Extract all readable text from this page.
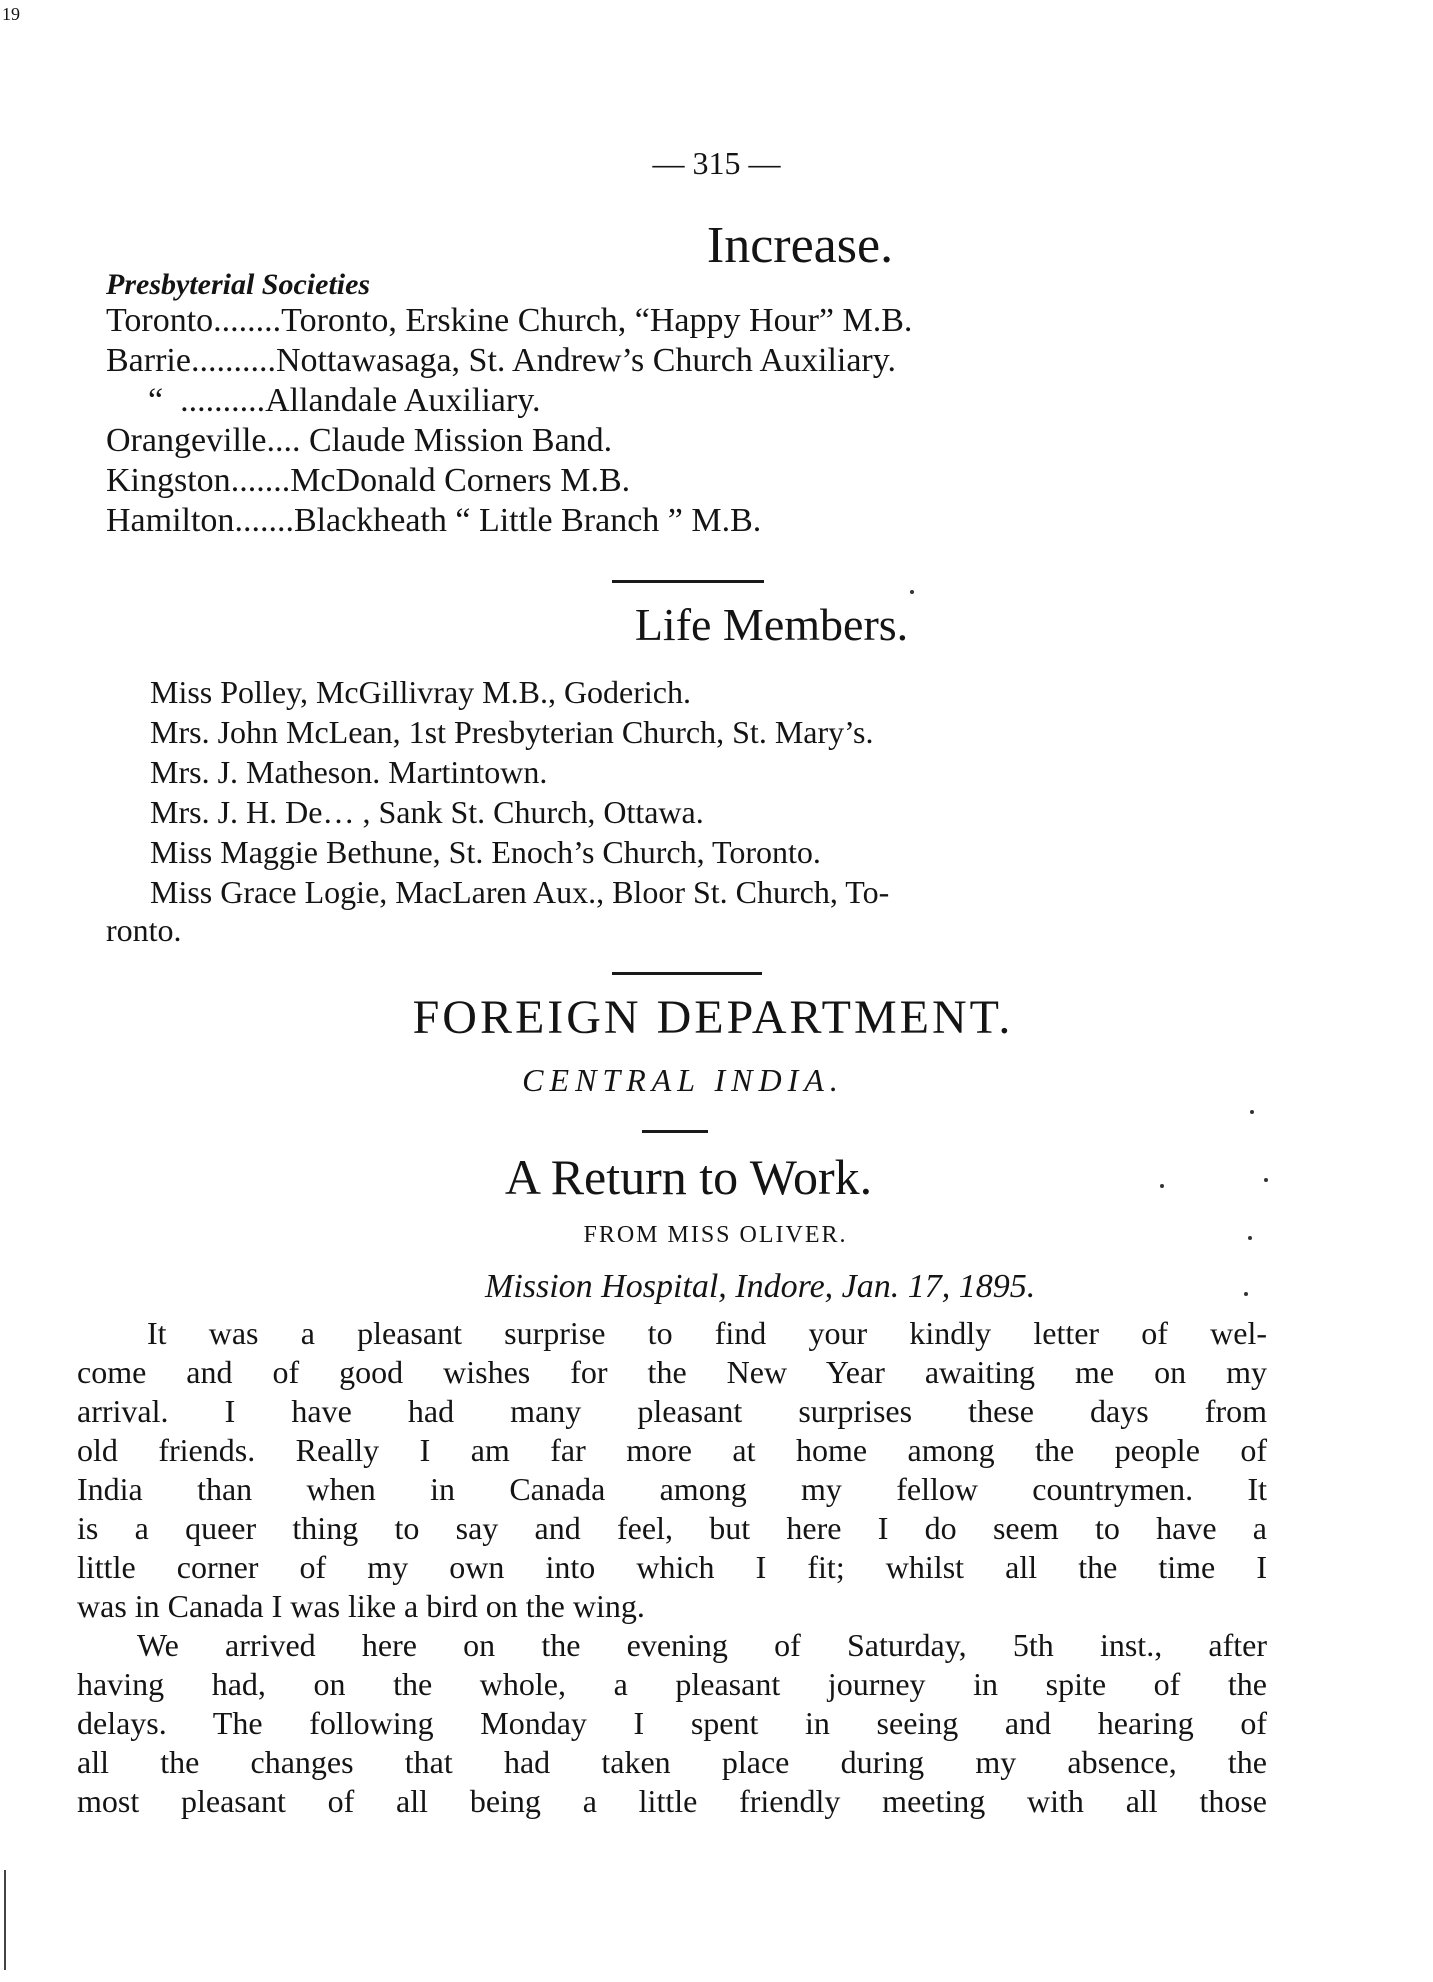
19
— 315 —
Increase.
Presbyterial Societies
Toronto........Toronto, Erskine Church, “Happy Hour” M.B.
Barrie..........Nottawasaga, St. Andrew’s Church Auxiliary.
“ ..........Allandale Auxiliary.
Orangeville.... Claude Mission Band.
Kingston.......McDonald Corners M.B.
Hamilton.......Blackheath “ Little Branch ” M.B.
Life Members.
Miss Polley, McGillivray M.B., Goderich.
Mrs. John McLean, 1st Presbyterian Church, St. Mary’s.
Mrs. J. Matheson. Martintown.
Mrs. J. H. De… , Sank St. Church, Ottawa.
Miss Maggie Bethune, St. Enoch’s Church, Toronto.
Miss Grace Logie, MacLaren Aux., Bloor St. Church, To-
ronto.
FOREIGN DEPARTMENT.
CENTRAL INDIA.
A Return to Work.
FROM MISS OLIVER.
Mission Hospital, Indore, Jan. 17, 1895.
It was a pleasant surprise to find your kindly letter of wel-
come and of good wishes for the New Year awaiting me on my
arrival. I have had many pleasant surprises these days from
old friends. Really I am far more at home among the people of
India than when in Canada among my fellow countrymen. It
is a queer thing to say and feel, but here I do seem to have a
little corner of my own into which I fit; whilst all the time I
was in Canada I was like a bird on the wing.
We arrived here on the evening of Saturday, 5th inst., after
having had, on the whole, a pleasant journey in spite of the
delays. The following Monday I spent in seeing and hearing of
all the changes that had taken place during my absence, the
most pleasant of all being a little friendly meeting with all those
